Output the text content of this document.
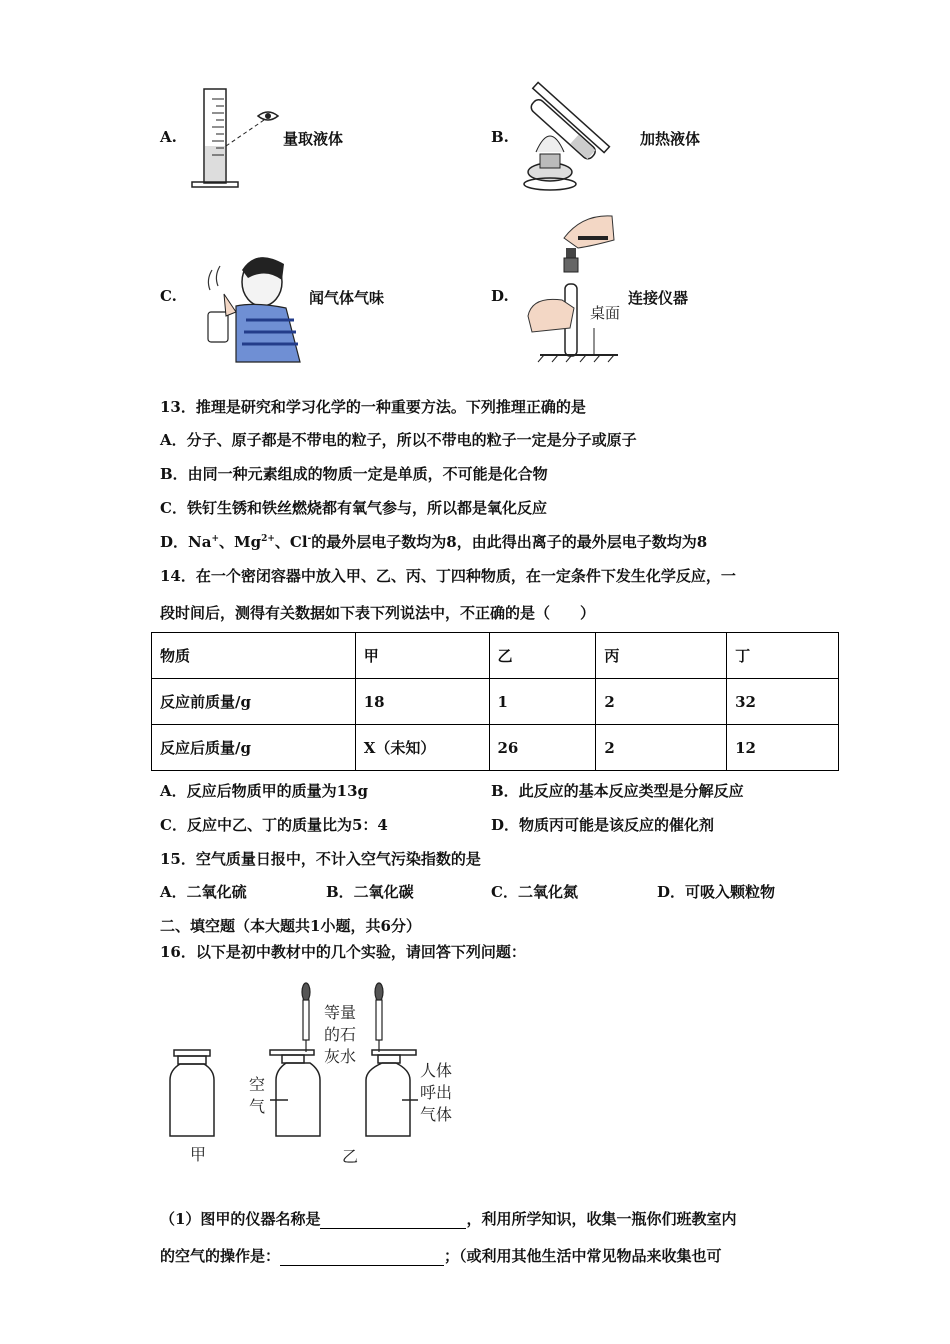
A.	量取液体	B.	加热液体
C.	闻气体气味	D.
桌面
连接仪器
13．推理是研究和学习化学的一种重要方法。下列推理正确的是
A．分子、原子都是不带电的粒子，所以不带电的粒子一定是分子或原子
B．由同一种元素组成的物质一定是单质，不可能是化合物
C．铁钉生锈和铁丝燃烧都有氧气参与，所以都是氧化反应
D．Na+、$Mg^{2+}$、Cl-的最外层电子数均为8，由此得出离子的最外层电子数均为8
14．在一个密闭容器中放入甲、乙、丙、丁四种物质，在一定条件下发生化学反应，一
段时间后，测得有关数据如下表下列说法中，不正确的是（　　）
物质	甲	乙	丙	丁
反应前质量/g	18	1	2	32
反应后质量/g	X（未知）	26	2	12
A．反应后物质甲的质量为13g	B．此反应的基本反应类型是分解反应
C．反应中乙、丁的质量比为5：4	D．物质丙可能是该反应的催化剂
15．空气质量日报中，不计入空气污染指数的是
A．二氧化硫	B．二氧化碳	C．二氧化氮	D．可吸入颗粒物
二、填空题（本大题共1小题，共6分）
16．以下是初中教材中的几个实验，请回答下列问题：
甲
空
气
等量
的石
灰水
人体
呼出
气体
乙
（1）图甲的仪器名称是	，利用所学知识，收集一瓶你们班教室内
的空气的操作是：	；（或利用其他生活中常见物品来收集也可
